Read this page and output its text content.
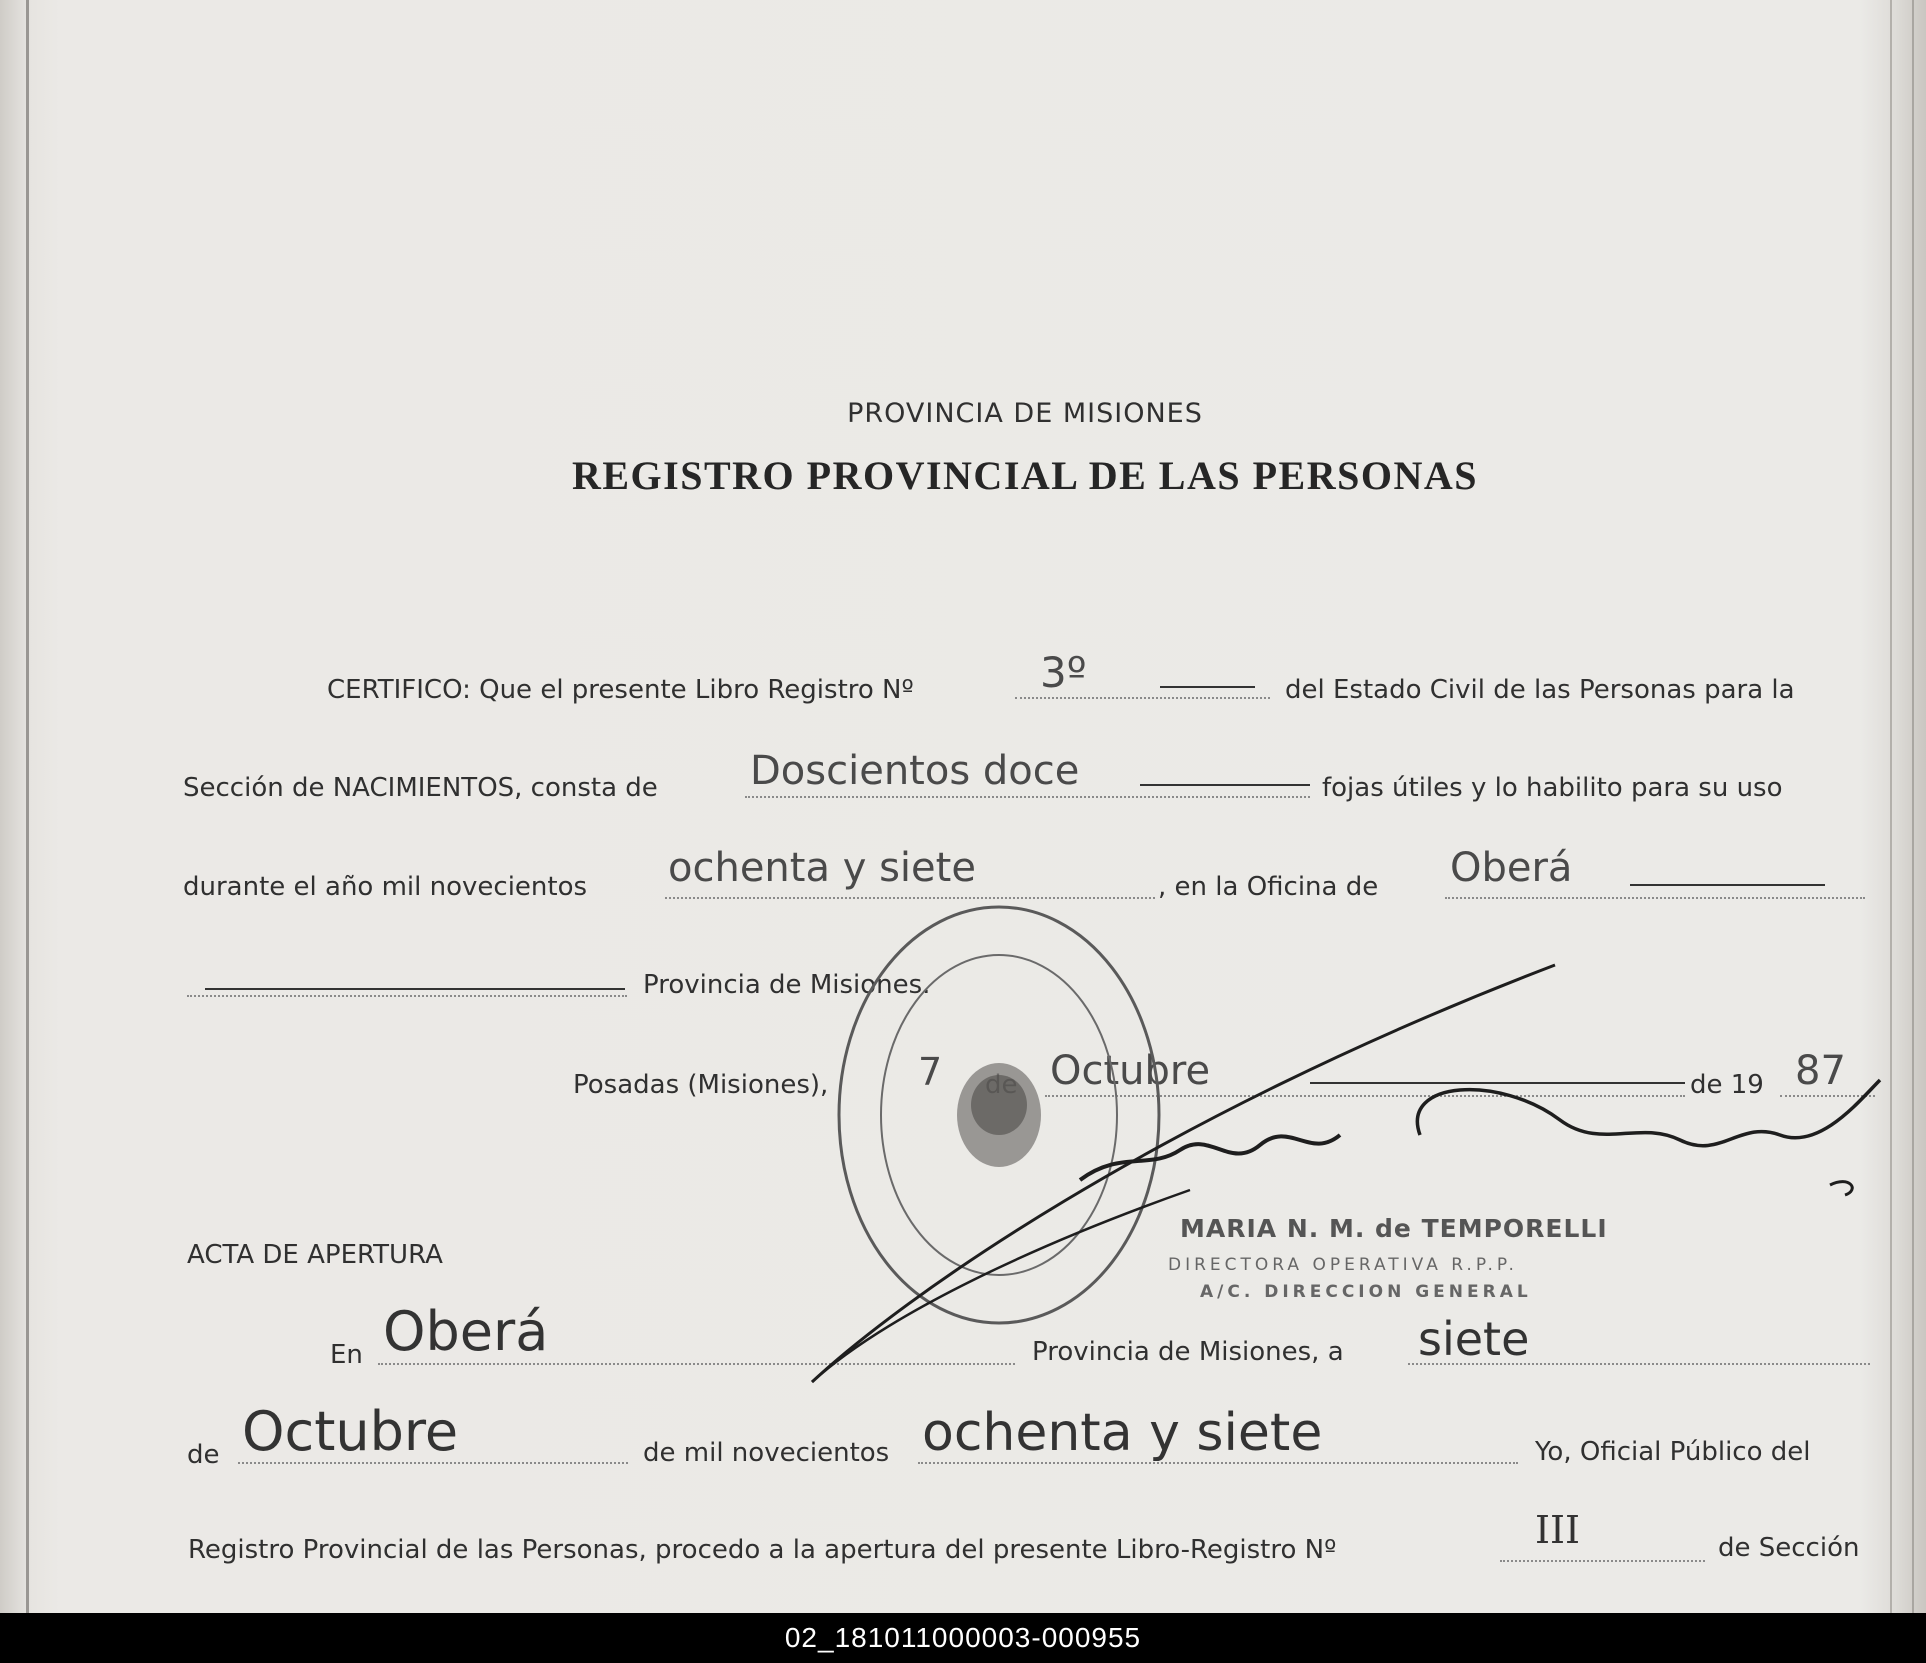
PROVINCIA DE MISIONES
REGISTRO PROVINCIAL DE LAS PERSONAS
CERTIFICO: Que el presente Libro Registro Nº	3º	del Estado Civil de las Personas para la
Sección de NACIMIENTOS, consta de Doscientos doce	fojas útiles y lo habilito para su uso
durante el año mil novecientos ochenta y siete	, en la Oficina de Oberá
Provincia de Misiones.
Posadas (Misiones), 7	Octubre	de 19 87
MARIA N. M. de TEMPORELLI
DIRECTORA OPERATIVA R.P.P.
A/C. DIRECCION GENERAL
ACTA DE APERTURA
En Oberá	Provincia de Misiones, a siete
de Octubre	de mil novecientos ochenta y siete	Yo, Oficial Público del
Registro Provincial de las Personas, procedo a la apertura del presente Libro-Registro Nº	III	de Sección
02_181011000003-000955
